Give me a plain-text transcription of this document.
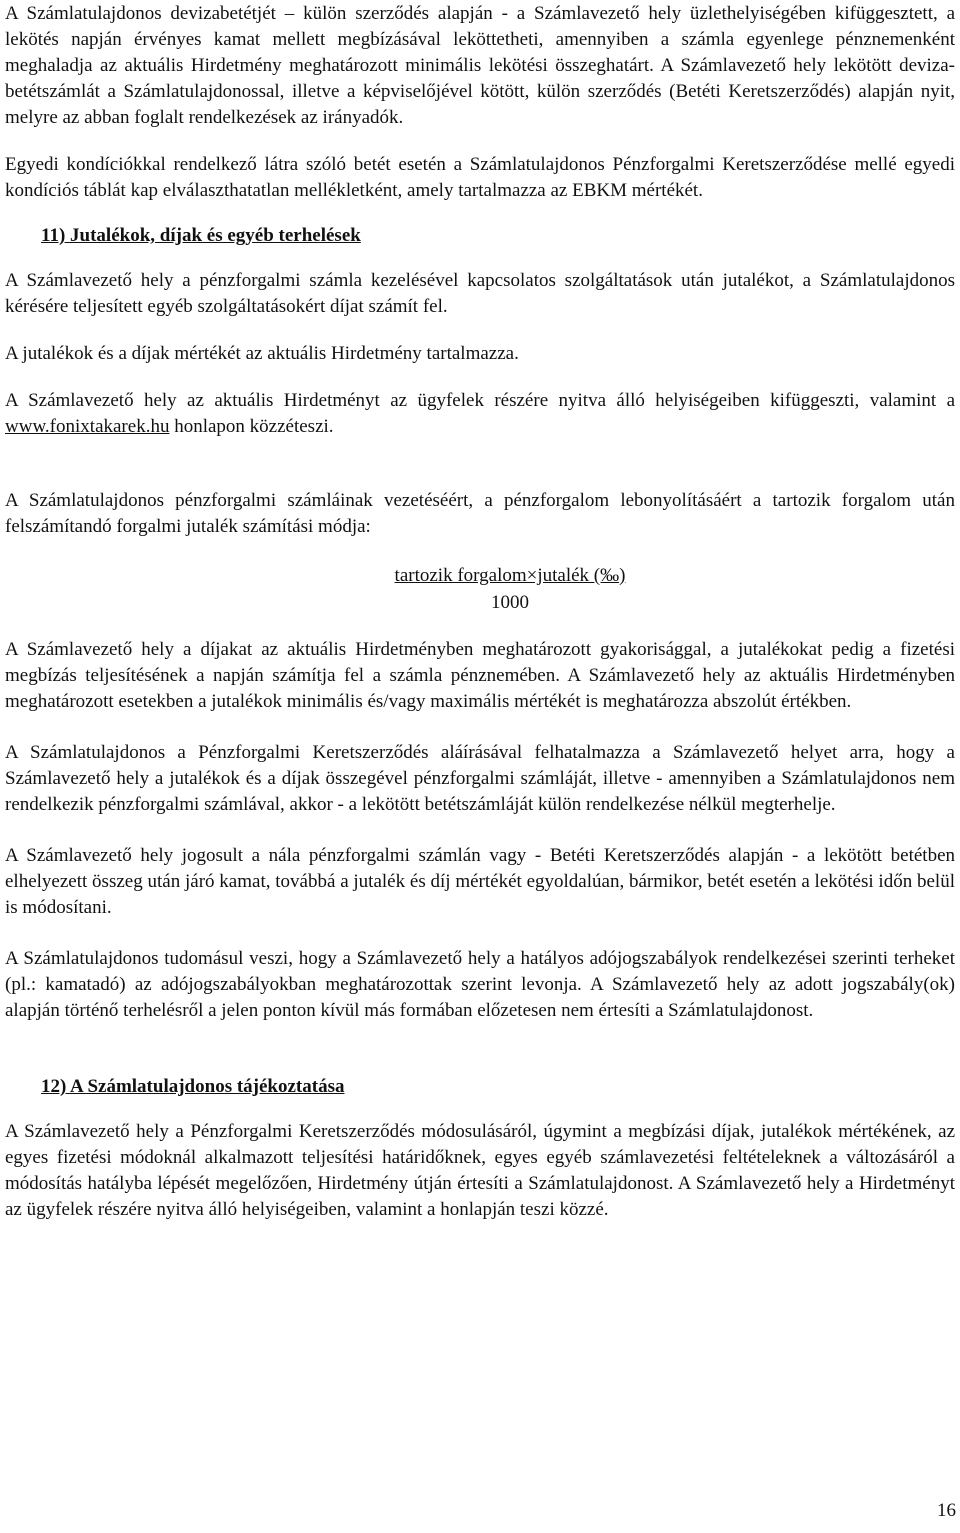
A Számlatulajdonos devizabetétjét – külön szerződés alapján - a Számlavezető hely üzlethelyiségében kifüggesztett, a lekötés napján érvényes kamat mellett megbízásával leköttetheti, amennyiben a számla egyenlege pénznemenként meghaladja az aktuális Hirdetmény meghatározott minimális lekötési összeghatárt. A Számlavezető hely lekötött deviza-betétszámlát a Számlatulajdonossal, illetve a képviselőjével kötött, külön szerződés (Betéti Keretszerződés) alapján nyit, melyre az abban foglalt rendelkezések az irányadók.

Egyedi kondíciókkal rendelkező látra szóló betét esetén a Számlatulajdonos Pénzforgalmi Keretszerződése mellé egyedi kondíciós táblát kap elválaszthatatlan mellékletként, amely tartalmazza az EBKM mértékét.

11) Jutalékok, díjak és egyéb terhelések

A Számlavezető hely a pénzforgalmi számla kezelésével kapcsolatos szolgáltatások után jutalékot, a Számlatulajdonos kérésére teljesített egyéb szolgáltatásokért díjat számít fel.

A jutalékok és a díjak mértékét az aktuális Hirdetmény tartalmazza.

A Számlavezető hely az aktuális Hirdetményt az ügyfelek részére nyitva álló helyiségeiben kifüggeszti, valamint a www.fonixtakarek.hu honlapon közzéteszi.

A Számlatulajdonos pénzforgalmi számláinak vezetéséért, a pénzforgalom lebonyolításáért a tartozik forgalom után felszámítandó forgalmi jutalék számítási módja:

tartozik forgalom×jutalék (‰)
1000

A Számlavezető hely a díjakat az aktuális Hirdetményben meghatározott gyakorisággal, a jutalékokat pedig a fizetési megbízás teljesítésének a napján számítja fel a számla pénznemében. A Számlavezető hely az aktuális Hirdetményben meghatározott esetekben a jutalékok minimális és/vagy maximális mértékét is meghatározza abszolút értékben.

A Számlatulajdonos a Pénzforgalmi Keretszerződés aláírásával felhatalmazza a Számlavezető helyet arra, hogy a Számlavezető hely a jutalékok és a díjak összegével pénzforgalmi számláját, illetve - amennyiben a Számlatulajdonos nem rendelkezik pénzforgalmi számlával, akkor - a lekötött betétszámláját külön rendelkezése nélkül megterhelje.

A Számlavezető hely jogosult a nála pénzforgalmi számlán vagy - Betéti Keretszerződés alapján - a lekötött betétben elhelyezett összeg után járó kamat, továbbá a jutalék és díj mértékét egyoldalúan, bármikor, betét esetén a lekötési időn belül is módosítani.

A Számlatulajdonos tudomásul veszi, hogy a Számlavezető hely a hatályos adójogszabályok rendelkezései szerinti terheket (pl.: kamatadó) az adójogszabályokban meghatározottak szerint levonja. A Számlavezető hely az adott jogszabály(ok) alapján történő terhelésről a jelen ponton kívül más formában előzetesen nem értesíti a Számlatulajdonost.

12) A Számlatulajdonos tájékoztatása

A Számlavezető hely a Pénzforgalmi Keretszerződés módosulásáról, úgymint a megbízási díjak, jutalékok mértékének, az egyes fizetési módoknál alkalmazott teljesítési határidőknek, egyes egyéb számlavezetési feltételeknek a változásáról a módosítás hatályba lépését megelőzően, Hirdetmény útján értesíti a Számlatulajdonost. A Számlavezető hely a Hirdetményt az ügyfelek részére nyitva álló helyiségeiben, valamint a honlapján teszi közzé.

16
